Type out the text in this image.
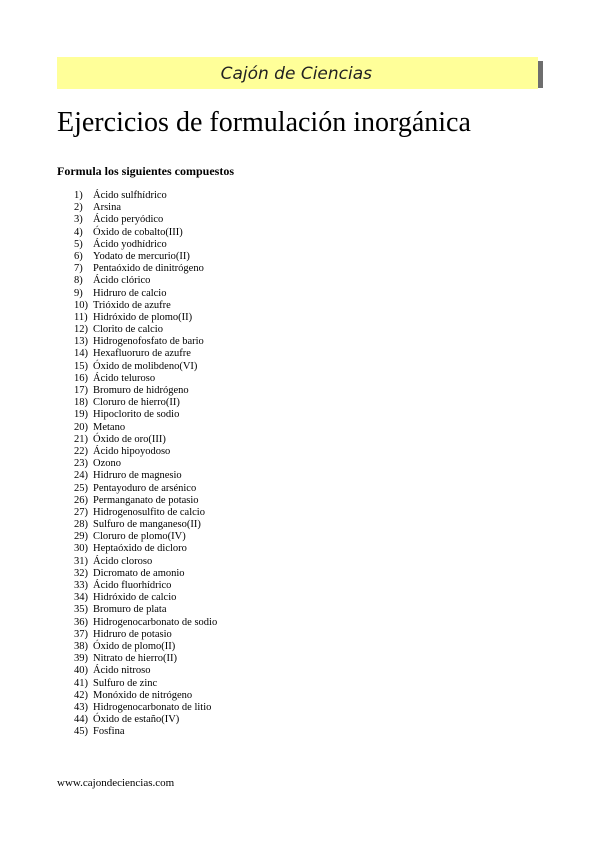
Cajón de Ciencias
Ejercicios de formulación inorgánica
Formula los siguientes compuestos
1) Ácido sulfhídrico
2) Arsina
3) Ácido peryódico
4) Óxido de cobalto(III)
5) Ácido yodhídrico
6) Yodato de mercurio(II)
7) Pentaóxido de dinitrógeno
8) Ácido clórico
9) Hidruro de calcio
10) Trióxido de azufre
11) Hidróxido de plomo(II)
12) Clorito de calcio
13) Hidrogenofosfato de bario
14) Hexafluoruro de azufre
15) Óxido de molibdeno(VI)
16) Ácido teluroso
17) Bromuro de hidrógeno
18) Cloruro de hierro(II)
19) Hipoclorito de sodio
20) Metano
21) Óxido de oro(III)
22) Ácido hipoyodoso
23) Ozono
24) Hidruro de magnesio
25) Pentayoduro de arsénico
26) Permanganato de potasio
27) Hidrogenosulfito de calcio
28) Sulfuro de manganeso(II)
29) Cloruro de plomo(IV)
30) Heptaóxido de dicloro
31) Ácido cloroso
32) Dicromato de amonio
33) Ácido fluorhídrico
34) Hidróxido de calcio
35) Bromuro de plata
36) Hidrogenocarbonato de sodio
37) Hidruro de potasio
38) Óxido de plomo(II)
39) Nitrato de hierro(II)
40) Ácido nitroso
41) Sulfuro de zinc
42) Monóxido de nitrógeno
43) Hidrogenocarbonato de litio
44) Óxido de estaño(IV)
45) Fosfina
www.cajondeciencias.com
